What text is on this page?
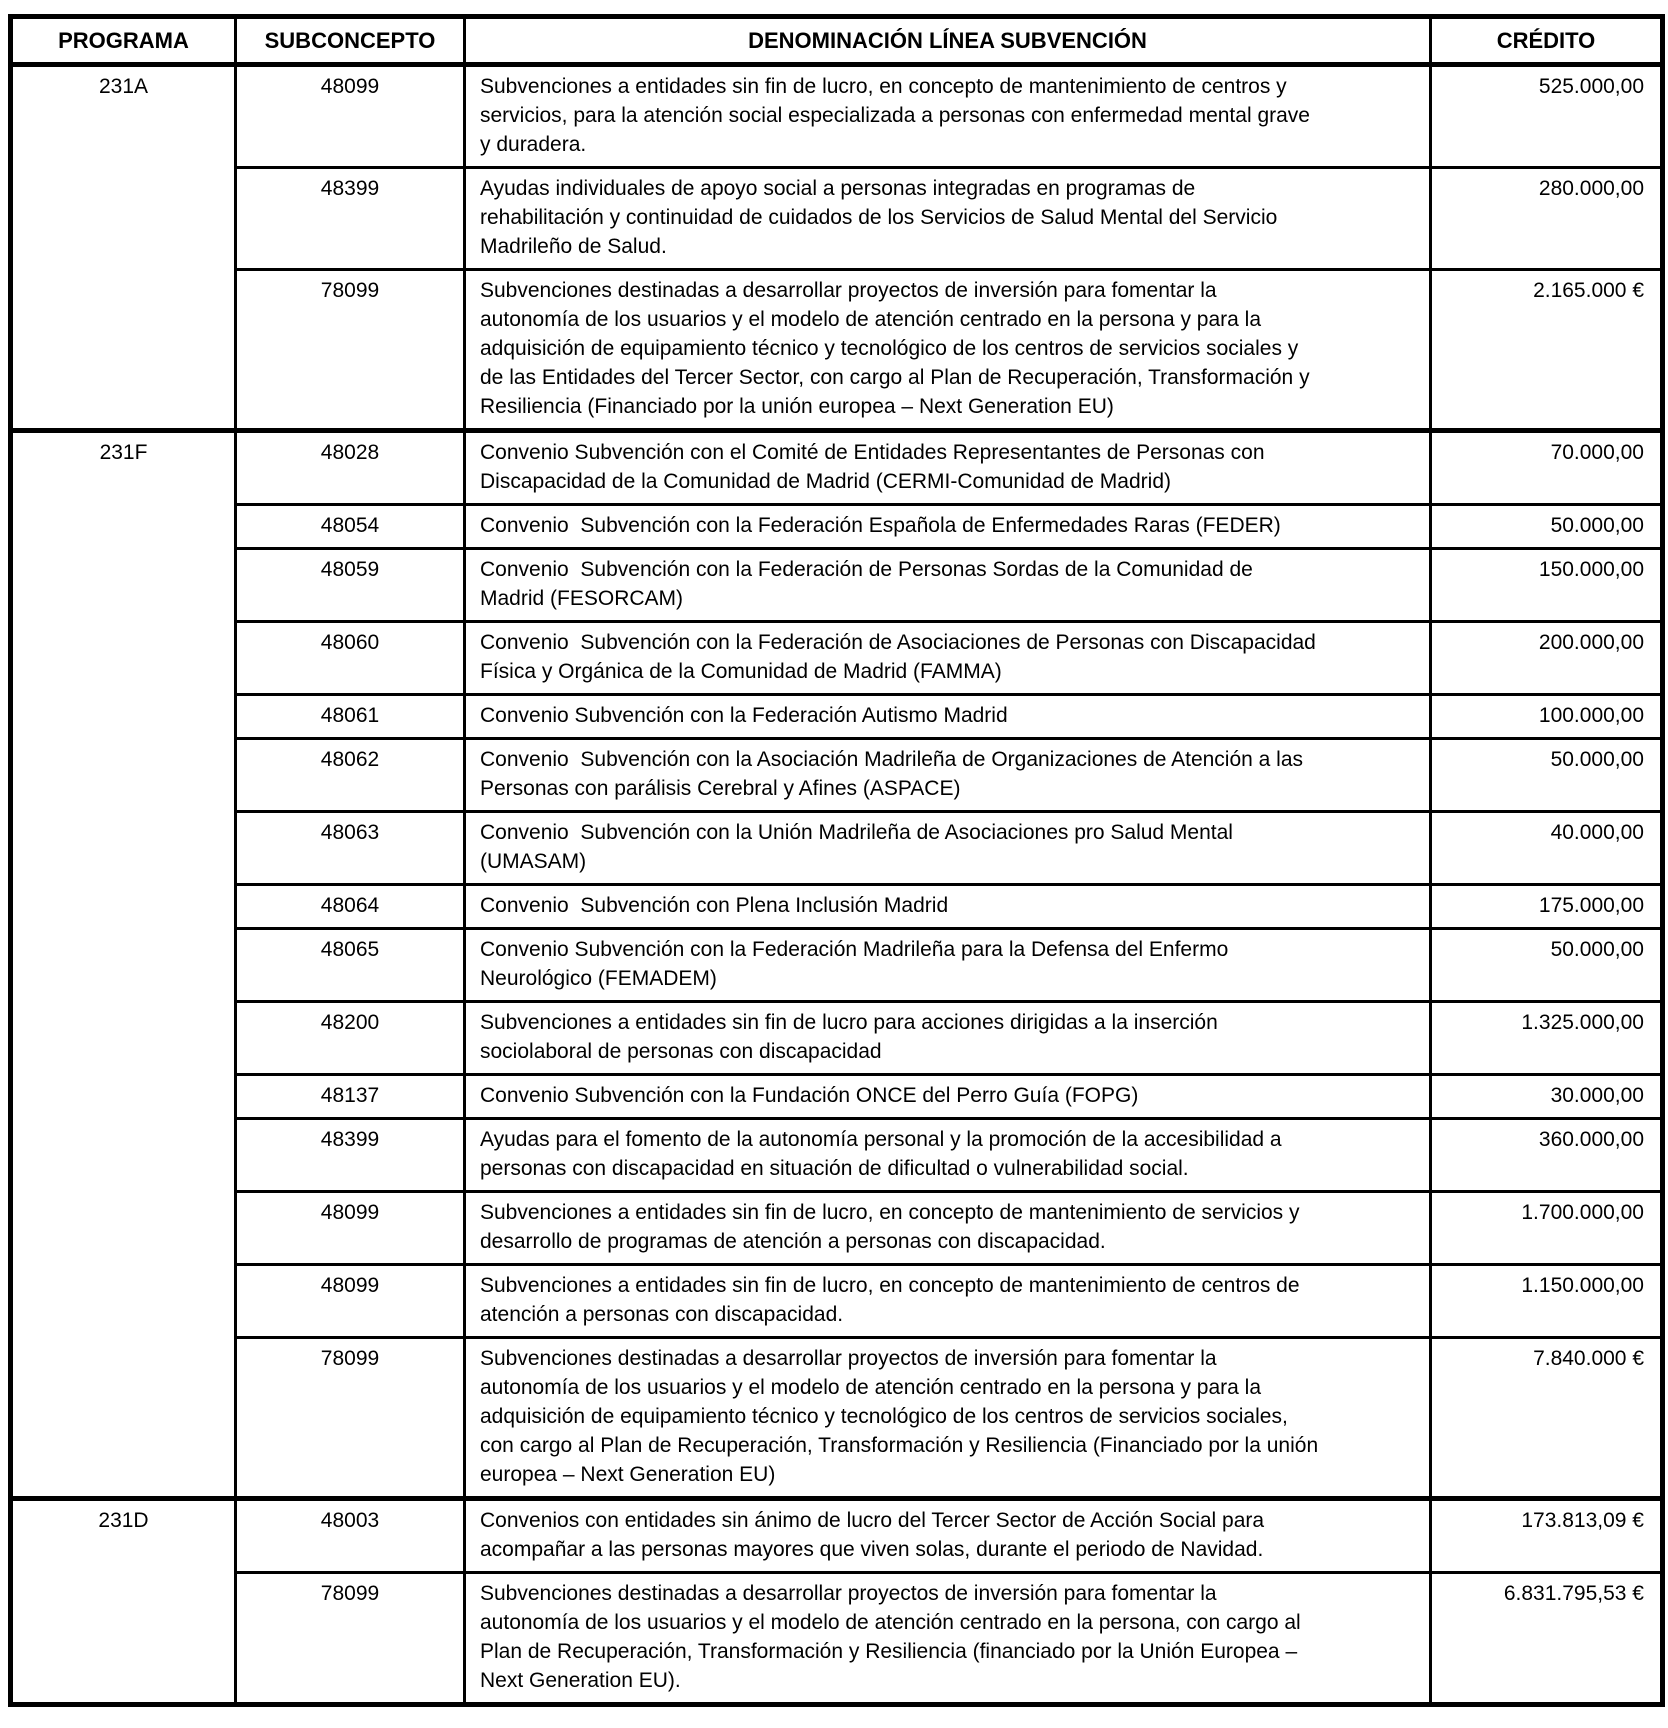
PROGRAMA	SUBCONCEPTO	DENOMINACIÓN LÍNEA SUBVENCIÓN	CRÉDITO
231A	48099	Subvenciones a entidades sin fin de lucro, en concepto de mantenimiento de centros y servicios, para la atención social especializada a personas con enfermedad mental grave y duradera.	525.000,00
	48399	Ayudas individuales de apoyo social a personas integradas en programas de rehabilitación y continuidad de cuidados de los Servicios de Salud Mental del Servicio Madrileño de Salud.	280.000,00
	78099	Subvenciones destinadas a desarrollar proyectos de inversión para fomentar la autonomía de los usuarios y el modelo de atención centrado en la persona y para la adquisición de equipamiento técnico y tecnológico de los centros de servicios sociales y de las Entidades del Tercer Sector, con cargo al Plan de Recuperación, Transformación y Resiliencia (Financiado por la unión europea – Next Generation EU)	2.165.000 €
231F	48028	Convenio Subvención con el Comité de Entidades Representantes de Personas con Discapacidad de la Comunidad de Madrid (CERMI-Comunidad de Madrid)	70.000,00
	48054	Convenio  Subvención con la Federación Española de Enfermedades Raras (FEDER)	50.000,00
	48059	Convenio  Subvención con la Federación de Personas Sordas de la Comunidad de Madrid (FESORCAM)	150.000,00
	48060	Convenio  Subvención con la Federación de Asociaciones de Personas con Discapacidad Física y Orgánica de la Comunidad de Madrid (FAMMA)	200.000,00
	48061	Convenio Subvención con la Federación Autismo Madrid	100.000,00
	48062	Convenio  Subvención con la Asociación Madrileña de Organizaciones de Atención a las Personas con parálisis Cerebral y Afines (ASPACE)	50.000,00
	48063	Convenio  Subvención con la Unión Madrileña de Asociaciones pro Salud Mental (UMASAM)	40.000,00
	48064	Convenio  Subvención con Plena Inclusión Madrid	175.000,00
	48065	Convenio Subvención con la Federación Madrileña para la Defensa del Enfermo Neurológico (FEMADEM)	50.000,00
	48200	Subvenciones a entidades sin fin de lucro para acciones dirigidas a la inserción sociolaboral de personas con discapacidad	1.325.000,00
	48137	Convenio Subvención con la Fundación ONCE del Perro Guía (FOPG)	30.000,00
	48399	Ayudas para el fomento de la autonomía personal y la promoción de la accesibilidad a personas con discapacidad en situación de dificultad o vulnerabilidad social.	360.000,00
	48099	Subvenciones a entidades sin fin de lucro, en concepto de mantenimiento de servicios y desarrollo de programas de atención a personas con discapacidad.	1.700.000,00
	48099	Subvenciones a entidades sin fin de lucro, en concepto de mantenimiento de centros de atención a personas con discapacidad.	1.150.000,00
	78099	Subvenciones destinadas a desarrollar proyectos de inversión para fomentar la autonomía de los usuarios y el modelo de atención centrado en la persona y para la adquisición de equipamiento técnico y tecnológico de los centros de servicios sociales, con cargo al Plan de Recuperación, Transformación y Resiliencia (Financiado por la unión europea – Next Generation EU)	7.840.000 €
231D	48003	Convenios con entidades sin ánimo de lucro del Tercer Sector de Acción Social para acompañar a las personas mayores que viven solas, durante el periodo de Navidad.	173.813,09 €
	78099	Subvenciones destinadas a desarrollar proyectos de inversión para fomentar la autonomía de los usuarios y el modelo de atención centrado en la persona, con cargo al Plan de Recuperación, Transformación y Resiliencia (financiado por la Unión Europea –Next Generation EU).	6.831.795,53 €
